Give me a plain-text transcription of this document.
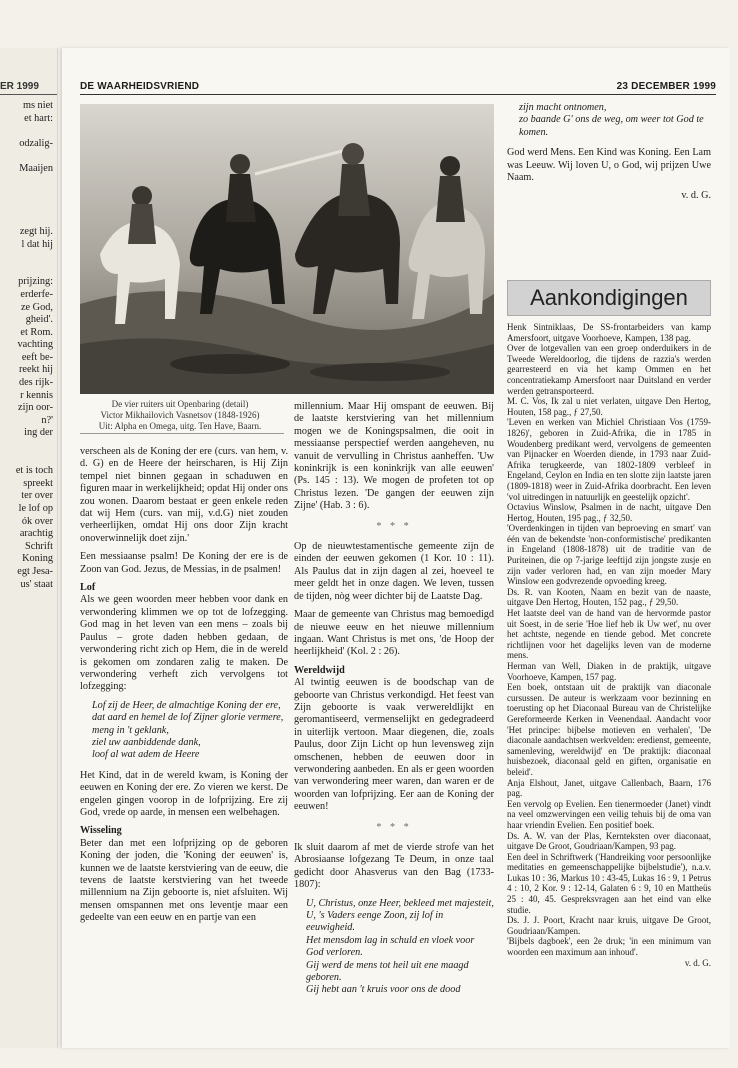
ER 1999
ms niet
et hart:
odzalig-
Maaijen
zegt hij.
l dat hij
prijzing:
erderfe-
ze God,
gheid'.
et Rom.
vachting
eeft be-
reekt hij
des rijk-
r kennis
zijn oor-
n?'
ing der
et is toch
spreekt
ter over
le lof op
ók over
arachtig
Schrift
Koning
egt Jesa-
us' staat
DE WAARHEIDSVRIEND	23 DECEMBER 1999
De vier ruiters uit Openbaring (detail)
Victor Mikhailovich Vasnetsov (1848-1926)
Uit: Alpha en Omega, uitg. Ten Have, Baarn.

verscheen als de Koning der ere (curs. van hem, v. d. G) en de Heere der heirscharen, is Hij Zijn tempel niet binnen gegaan in schaduwen en figuren maar in werkelijkheid; opdat Hij onder ons zou wonen. Daarom bestaat er geen enkele reden dat wij Hem (curs. van mij, v.d.G) niet zouden verheerlijken, omdat Hij ons door Zijn kracht onoverwinnelijk doet zijn.'

Een messiaanse psalm! De Koning der ere is de Zoon van God. Jezus, de Messias, in de psalmen!

Lof

Als we geen woorden meer hebben voor dank en verwondering klimmen we op tot de lofzegging. God mag in het leven van een mens – zoals bij Paulus – grote daden hebben gedaan, de verwondering richt zich op Hem, die in de wereld is gekomen om zondaren zalig te maken. De verwondering verheft zich vervolgens tot lofzegging:

Lof zij de Heer, de almachtige Koning der ere,
dat aard en hemel de lof Zijner glorie vermere,
meng in 't geklank,
ziel uw aanbiddende dank,
loof al wat adem de Heere

Het Kind, dat in de wereld kwam, is Koning der eeuwen en Koning der ere. Zo vieren we kerst. De engelen gingen voorop in de lofprijzing. Ere zij God, vrede op aarde, in mensen een welbehagen.

Wisseling

Beter dan met een lofprijzing op de geboren Koning der joden, die 'Koning der eeuwen' is, kunnen we de laatste kerstviering van de eeuw, die tevens de laatste kerstviering van het tweede millennium na Zijn geboorte is, niet afsluiten. Wij mensen omspannen met ons leventje maar een gedeelte van een eeuw en en partje van een

millennium. Maar Hij omspant de eeuwen. Bij de laatste kerstviering van het millennium mogen we de Koningspsalmen, die ooit in messiaanse perspectief werden aangeheven, nu vanuit de vervulling in Christus aanheffen. 'Uw koninkrijk is een koninkrijk van alle eeuwen' (Ps. 145 : 13). We mogen de profeten tot op Christus lezen. 'De gangen der eeuwen zijn Zijne' (Hab. 3 : 6).

* * *

Op de nieuwtestamentische gemeente zijn de einden der eeuwen gekomen (1 Kor. 10 : 11). Als Paulus dat in zijn dagen al zei, hoeveel te meer geldt het in onze dagen. We leven, tussen de tijden, nòg weer dichter bij de Laatste Dag.

Maar de gemeente van Christus mag bemoedigd de nieuwe eeuw en het nieuwe millennium ingaan. Want Christus is met ons, 'de Hoop der heerlijkheid' (Kol. 2 : 26).

Wereldwijd

Al twintig eeuwen is de boodschap van de geboorte van Christus verkondigd. Het feest van Zijn geboorte is vaak verwereldlijkt en geromantiseerd, vermenselijkt en gedegradeerd in uiterlijk vertoon. Maar diegenen, die, zoals Paulus, door Zijn Licht op hun levensweg zijn omschenen, hebben de eeuwen door in verwondering aanbeden. En als er geen woorden van verwondering meer waren, dan waren er de woorden van lofprijzing. Eer aan de Koning der eeuwen!

* * *

Ik sluit daarom af met de vierde strofe van het Abrosiaanse lofgezang Te Deum, in onze taal gedicht door Ahasverus van den Bag (1733-1807):

U, Christus, onze Heer, bekleed met majesteit,
U, 's Vaders eenge Zoon, zij lof in eeuwigheid.
Het mensdom lag in schuld en vloek voor God verloren.
Gij werd de mens tot heil uit ene maagd geboren.
Gij hebt aan 't kruis voor ons de dood
zijn macht ontnomen,
zo baande G' ons de weg, om weer tot God te komen.

God werd Mens. Een Kind was Koning. Een Lam was Leeuw. Wij loven U, o God, wij prijzen Uwe Naam.

v. d. G.
Aankondigingen
Henk Sintniklaas, De SS-frontarbeiders van kamp Amersfoort, uitgave Voorhoeve, Kampen, 138 pag.
Over de lotgevallen van een groep onderduikers in de Tweede Wereldoorlog, die tijdens de razzia's werden gearresteerd en via het kamp Ommen en het concentratiekamp Amersfoort naar Duitsland en verder werden getransporteerd.
M. C. Vos, Ik zal u niet verlaten, uitgave Den Hertog, Houten, 158 pag., ƒ 27,50.
'Leven en werken van Michiel Christiaan Vos (1759-1826)', geboren in Zuid-Afrika, die in 1785 in Woudenberg predikant werd, vervolgens de gemeenten van Pijnacker en Woerden diende, in 1793 naar Zuid-Afrika terugkeerde, van 1802-1809 verbleef in Engeland, Ceylon en India en ten slotte zijn laatste jaren (1809-1818) weer in Zuid-Afrika doorbracht. Een leven 'vol uitredingen in natuurlijk en geestelijk opzicht'.
Octavius Winslow, Psalmen in de nacht, uitgave Den Hertog, Houten, 195 pag., ƒ 32,50.
'Overdenkingen in tijden van beproeving en smart' van één van de bekendste 'non-conformistische' predikanten in Engeland (1808-1878) uit de traditie van de Puriteinen, die op 7-jarige leeftijd zijn jongste zusje en zijn vader verloren had, en van zijn moeder Mary Winslow een godvrezende opvoeding kreeg.
Ds. R. van Kooten, Naam en bezit van de naaste, uitgave Den Hertog, Houten, 152 pag., ƒ 29,50.
Het laatste deel van de hand van de hervormde pastor uit Soest, in de serie 'Hoe lief heb ik Uw wet', nu over het achtste, negende en tiende gebod. Met concrete richtlijnen voor het dagelijks leven van de moderne mens.
Herman van Well, Diaken in de praktijk, uitgave Voorhoeve, Kampen, 157 pag.
Een boek, ontstaan uit de praktijk van diaconale cursussen. De auteur is werkzaam voor bezinning en toerusting op het Diaconaal Bureau van de Christelijke Gereformeerde Kerken in Veenendaal. Aandacht voor 'Het principe: bijbelse motieven en verhalen', 'De diaconale aandachtsen werkvelden: eredienst, gemeente, samenleving, wereldwijd' en 'De praktijk: diaconaal huisbezoek, diaconaal geld en giften, organisatie en beleid'.
Anja Elshout, Janet, uitgave Callenbach, Baarn, 176 pag.
Een vervolg op Evelien. Een tienermoeder (Janet) vindt na veel omzwervingen een veilig tehuis bij de oma van haar vriendin Evelien. Een positief boek.
Ds. A. W. van der Plas, Kernteksten over diaconaat, uitgave De Groot, Goudriaan/Kampen, 93 pag.
Een deel in Schriftwerk ('Handreiking voor persoonlijke meditaties en gemeenschappelijke bijbelstudie'), n.a.v. Lukas 10 : 36, Markus 10 : 43-45, Lukas 16 : 9, 1 Petrus 4 : 10, 2 Kor. 9 : 12-14, Galaten 6 : 9, 10 en Mattheüs 25 : 40, 45. Gespreksvragen aan het eind van elke studie.
Ds. J. J. Poort, Kracht naar kruis, uitgave De Groot, Goudriaan/Kampen.
'Bijbels dagboek', een 2e druk; 'in een minimum van woorden een maximum aan inhoud'.
v. d. G.
